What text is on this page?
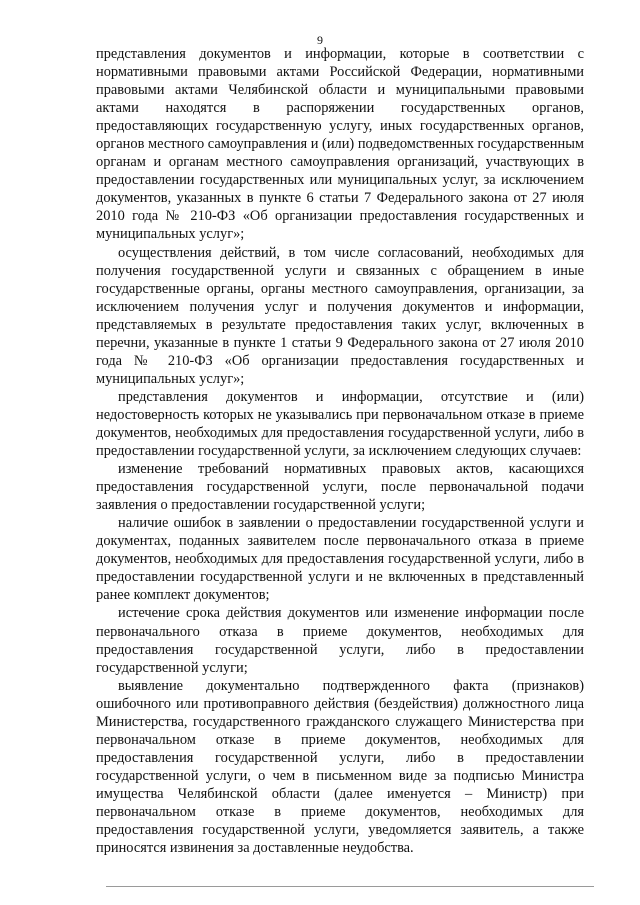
9

представления документов и информации, которые в соответствии с нормативными правовыми актами Российской Федерации, нормативными правовыми актами Челябинской области и муниципальными правовыми актами находятся в распоряжении государственных органов, предоставляющих государственную услугу, иных государственных органов, органов местного самоуправления и (или) подведомственных государственным органам и органам местного самоуправления организаций, участвующих в предоставлении государственных или муниципальных услуг, за исключением документов, указанных в пункте 6 статьи 7 Федерального закона от 27 июля 2010 года № 210-ФЗ «Об организации предоставления государственных и муниципальных услуг»;

осуществления действий, в том числе согласований, необходимых для получения государственной услуги и связанных с обращением в иные государственные органы, органы местного самоуправления, организации, за исключением получения услуг и получения документов и информации, представляемых в результате предоставления таких услуг, включенных в перечни, указанные в пункте 1 статьи 9 Федерального закона от 27 июля 2010 года № 210-ФЗ «Об организации предоставления государственных и муниципальных услуг»;

представления документов и информации, отсутствие и (или) недостоверность которых не указывались при первоначальном отказе в приеме документов, необходимых для предоставления государственной услуги, либо в предоставлении государственной услуги, за исключением следующих случаев:

изменение требований нормативных правовых актов, касающихся предоставления государственной услуги, после первоначальной подачи заявления о предоставлении государственной услуги;

наличие ошибок в заявлении о предоставлении государственной услуги и документах, поданных заявителем после первоначального отказа в приеме документов, необходимых для предоставления государственной услуги, либо в предоставлении государственной услуги и не включенных в представленный ранее комплект документов;

истечение срока действия документов или изменение информации после первоначального отказа в приеме документов, необходимых для предоставления государственной услуги, либо в предоставлении государственной услуги;

выявление документально подтвержденного факта (признаков) ошибочного или противоправного действия (бездействия) должностного лица Министерства, государственного гражданского служащего Министерства при первоначальном отказе в приеме документов, необходимых для предоставления государственной услуги, либо в предоставлении государственной услуги, о чем в письменном виде за подписью Министра имущества Челябинской области (далее именуется – Министр) при первоначальном отказе в приеме документов, необходимых для предоставления государственной услуги, уведомляется заявитель, а также приносятся извинения за доставленные неудобства.
